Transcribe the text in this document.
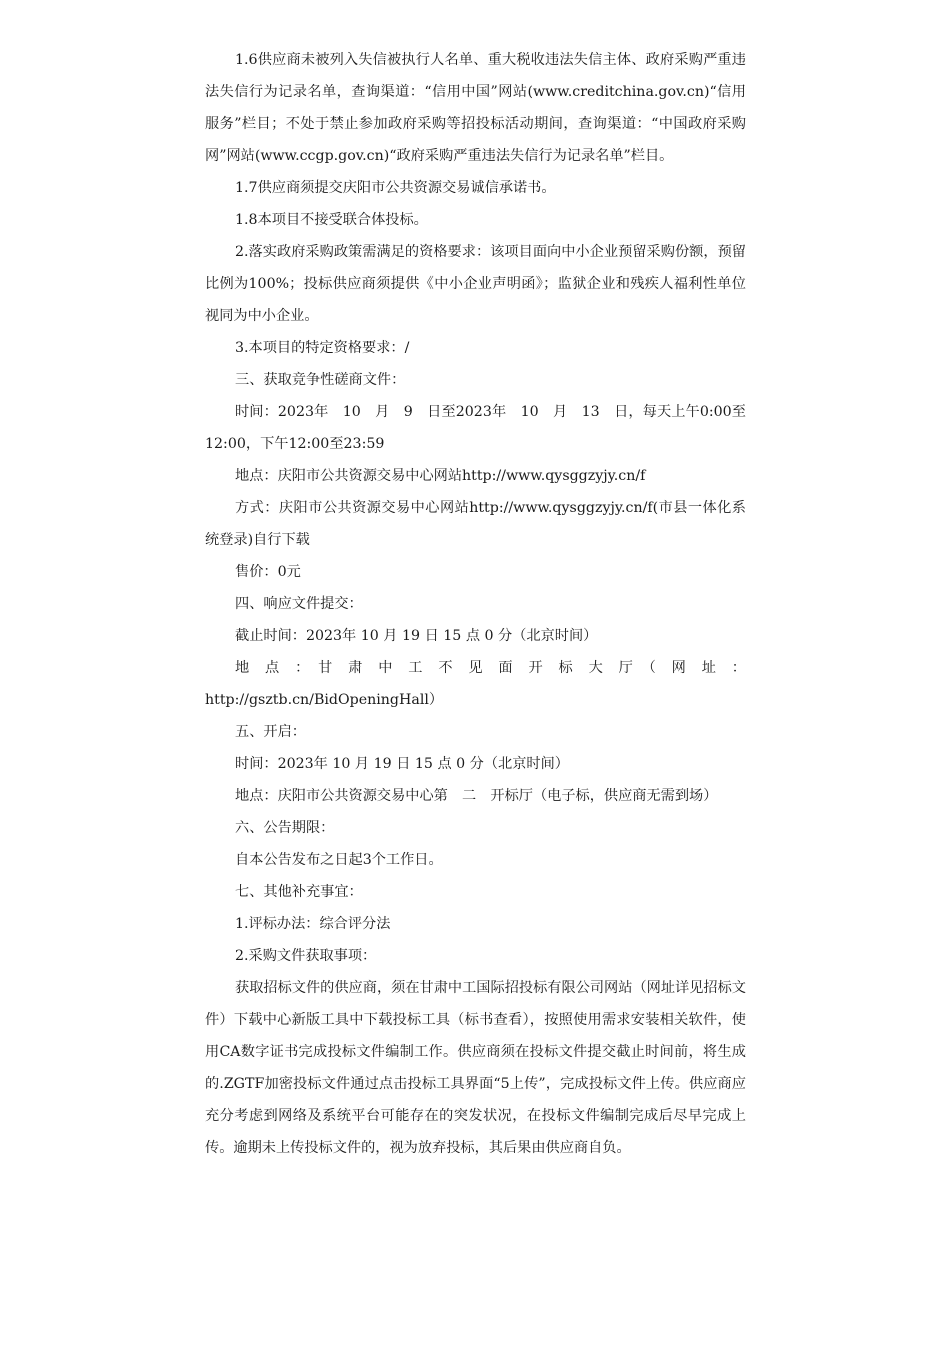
1.6供应商未被列入失信被执行人名单、重大税收违法失信主体、政府采购严重违法失信行为记录名单，查询渠道：“信用中国”网站(www.creditchina.gov.cn)“信用服务”栏目；不处于禁止参加政府采购等招投标活动期间，查询渠道：“中国政府采购网”网站(www.ccgp.gov.cn)“政府采购严重违法失信行为记录名单”栏目。

1.7供应商须提交庆阳市公共资源交易诚信承诺书。

1.8本项目不接受联合体投标。

2.落实政府采购政策需满足的资格要求：该项目面向中小企业预留采购份额，预留比例为100%；投标供应商须提供《中小企业声明函》；监狱企业和残疾人福利性单位视同为中小企业。

3.本项目的特定资格要求：/

三、获取竞争性磋商文件：

时间：2023年　10　月　9　日至2023年　10　月　13　日，每天上午0:00至12:00，下午12:00至23:59

地点：庆阳市公共资源交易中心网站http://www.qysggzyjy.cn/f

方式：庆阳市公共资源交易中心网站http://www.qysggzyjy.cn/f(市县一体化系统登录)自行下载

售价：0元

四、响应文件提交：

截止时间：2023年 10 月 19 日 15 点 0 分（北京时间）

地　点　：　甘　肃　中　工　不　见　面　开　标　大　厅　（　网　址　：http://gsztb.cn/BidOpeningHall）

五、开启：

时间：2023年 10 月 19 日 15 点 0 分（北京时间）

地点：庆阳市公共资源交易中心第　二　开标厅（电子标，供应商无需到场）

六、公告期限：

自本公告发布之日起3个工作日。

七、其他补充事宜：

1.评标办法：综合评分法

2.采购文件获取事项：

获取招标文件的供应商，须在甘肃中工国际招投标有限公司网站（网址详见招标文件）下载中心新版工具中下载投标工具（标书查看），按照使用需求安装相关软件，使用CA数字证书完成投标文件编制工作。供应商须在投标文件提交截止时间前，将生成的.ZGTF加密投标文件通过点击投标工具界面“5上传”，完成投标文件上传。供应商应充分考虑到网络及系统平台可能存在的突发状况，在投标文件编制完成后尽早完成上传。逾期未上传投标文件的，视为放弃投标，其后果由供应商自负。
